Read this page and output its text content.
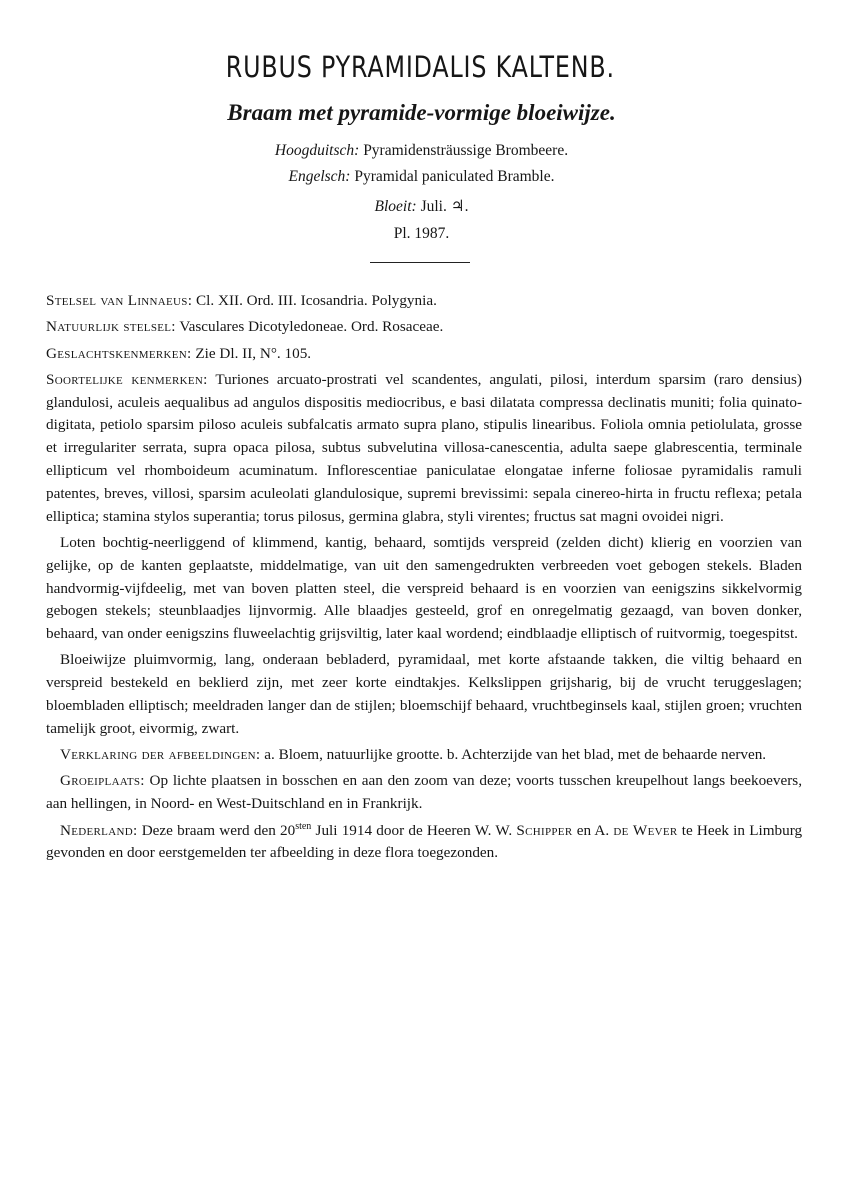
RUBUS PYRAMIDALIS KALTENB.
Braam met pyramide-vormige bloeiwijze.
Hoogduitsch: Pyramidensträussige Brombeere.
Engelsch: Pyramidal paniculated Bramble.
Bloeit: Juli. ♃.
Pl. 1987.

Stelsel van Linnaeus: Cl. XII. Ord. III. Icosandria. Polygynia.

Natuurlijk stelsel: Vasculares Dicotyledoneae. Ord. Rosaceae.

Geslachtskenmerken: Zie Dl. II, N°. 105.

Soortelijke kenmerken: Turiones arcuato-prostrati vel scandentes, angulati, pilosi, interdum sparsim (raro densius) glandulosi, aculeis aequalibus ad angulos dispositis mediocribus, e basi dilatata compressa declinatis muniti; folia quinato-digitata, petiolo sparsim piloso aculeis subfalcatis armato supra plano, stipulis linearibus. Foliola omnia petiolulata, grosse et irregulariter serrata, supra opaca pilosa, subtus subvelutina villosa-canescentia, adulta saepe glabrescentia, terminale ellipticum vel rhomboideum acuminatum. Inflorescentiae paniculatae elongatae inferne foliosae pyramidalis ramuli patentes, breves, villosi, sparsim aculeolati glandulosique, supremi brevissimi: sepala cinereo-hirta in fructu reflexa; petala elliptica; stamina stylos superantia; torus pilosus, germina glabra, styli virentes; fructus sat magni ovoidei nigri.

Loten bochtig-neerliggend of klimmend, kantig, behaard, somtijds verspreid (zelden dicht) klierig en voorzien van gelijke, op de kanten geplaatste, middelmatige, van uit den samengedrukten verbreeden voet gebogen stekels. Bladen handvormig-vijfdeelig, met van boven platten steel, die verspreid behaard is en voorzien van eenigszins sikkelvormig gebogen stekels; steunblaadjes lijnvormig. Alle blaadjes gesteeld, grof en onregelmatig gezaagd, van boven donker, behaard, van onder eenigszins fluweelachtig grijsviltig, later kaal wordend; eindblaadje elliptisch of ruitvormig, toegespitst.

Bloeiwijze pluimvormig, lang, onderaan bebladerd, pyramidaal, met korte afstaande takken, die viltig behaard en verspreid bestekeld en beklierd zijn, met zeer korte eindtakjes. Kelkslippen grijsharig, bij de vrucht teruggeslagen; bloembladen elliptisch; meeldraden langer dan de stijlen; bloemschijf behaard, vruchtbeginsels kaal, stijlen groen; vruchten tamelijk groot, eivormig, zwart.

Verklaring der afbeeldingen: a. Bloem, natuurlijke grootte. b. Achterzijde van het blad, met de behaarde nerven.

Groeiplaats: Op lichte plaatsen in bosschen en aan den zoom van deze; voorts tusschen kreupelhout langs beekoevers, aan hellingen, in Noord- en West-Duitschland en in Frankrijk.

Nederland: Deze braam werd den $20^{sten}$ Juli 1914 door de Heeren W. W. Schipper en A. de Wever te Heek in Limburg gevonden en door eerstgemelden ter afbeelding in deze flora toegezonden.
